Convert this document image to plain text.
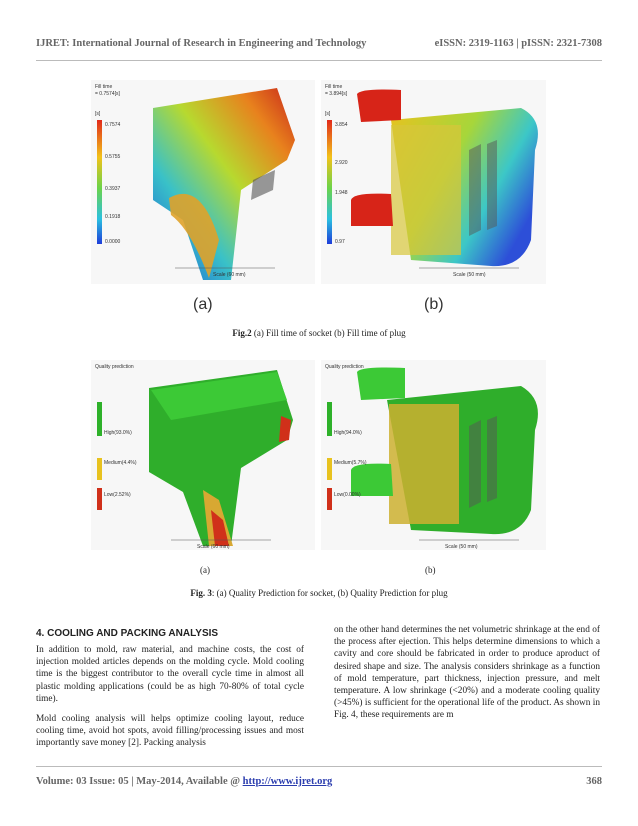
IJRET: International Journal of Research in Engineering and Technology	eISSN: 2319-1163 | pISSN: 2321-7308
Fill time
= 0.7574[s]
[s]
0.7574
0.5755
0.3937
0.1918
0.0000
Scale (60 mm)
(a)
Fill time
= 3.894[s]
[s]
3.854
2.920
1.948
0.97
Scale (50 mm)
(b)
Fig.2 (a) Fill time of socket (b) Fill time of plug
Quality prediction
High(93.0%)
Medium(4.4%)
Low(2.52%)
Scale (60 mm)
(a)
Quality prediction
High(94.0%)
Medium(5.7%)
Low(0.00%)
Scale (50 mm)
(b)
Fig. 3: (a) Quality Prediction for socket, (b) Quality Prediction for plug
4. COOLING AND PACKING ANALYSIS

In addition to mold, raw material, and machine costs, the cost of injection molded articles depends on the molding cycle. Mold cooling time is the biggest contributor to the overall cycle time in almost all plastic molding applications (could be as high 70-80% of total cycle time).

Mold cooling analysis will helps optimize cooling layout, reduce cooling time, avoid hot spots, avoid filling/processing issues and most importantly save money [2]. Packing analysis

on the other hand determines the net volumetric shrinkage at the end of the process after ejection. This helps determine dimensions to which a cavity and core should be fabricated in order to produce aproduct of desired shape and size. The analysis considers shrinkage as a function of mold temperature, part thickness, injection pressure, and melt temperature. A low shrinkage (<20%) and a moderate cooling quality (>45%) is sufficient for the operational life of the product. As shown in Fig. 4, these requirements are m

Volume: 03 Issue: 05 | May-2014, Available @ http://www.ijret.org	368
